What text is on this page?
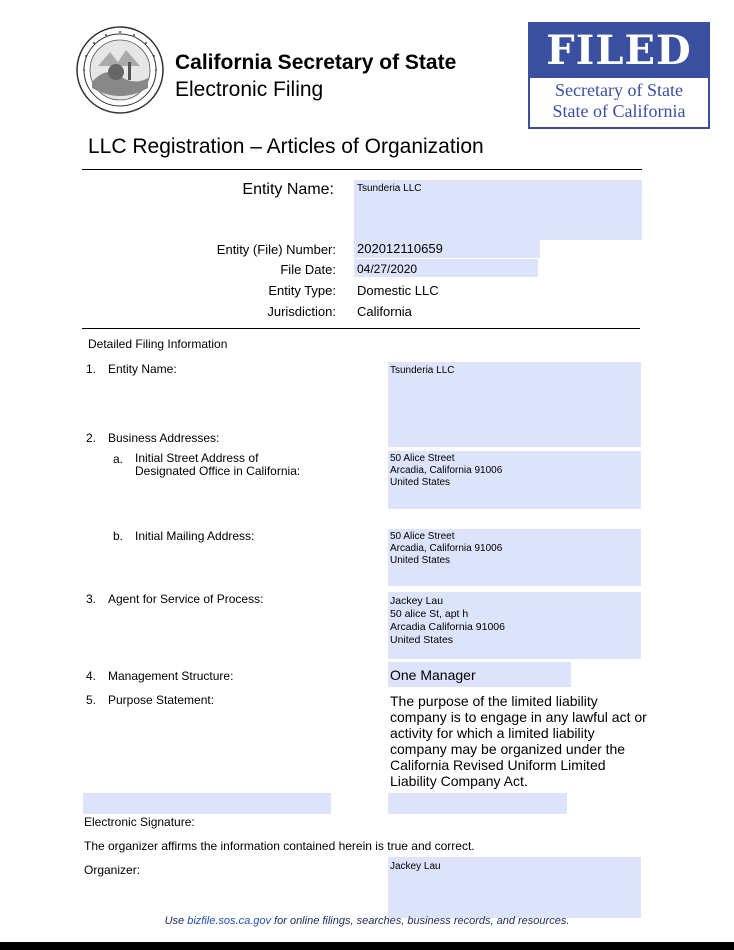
California Secretary of State
Electronic Filing
FILED
Secretary of State
State of California
LLC Registration – Articles of Organization
Entity Name: Tsunderia LLC
Entity (File) Number: 202012110659
File Date: 04/27/2020
Entity Type: Domestic LLC
Jurisdiction: California
Detailed Filing Information
1. Entity Name:	Tsunderia LLC
2. Business Addresses:
a. Initial Street Address of
Designated Office in California:
50 Alice Street
Arcadia, California 91006
United States
b. Initial Mailing Address:	50 Alice Street
Arcadia, California 91006
United States
3. Agent for Service of Process:	Jackey Lau
50 alice St, apt h
Arcadia California 91006
United States
4. Management Structure:	One Manager
5. Purpose Statement:	The purpose of the limited liability company is to engage in any lawful act or activity for which a limited liability company may be organized under the California Revised Uniform Limited Liability Company Act.
Electronic Signature:
The organizer affirms the information contained herein is true and correct.
Organizer:	Jackey Lau
Use bizfile.sos.ca.gov for online filings, searches, business records, and resources.
